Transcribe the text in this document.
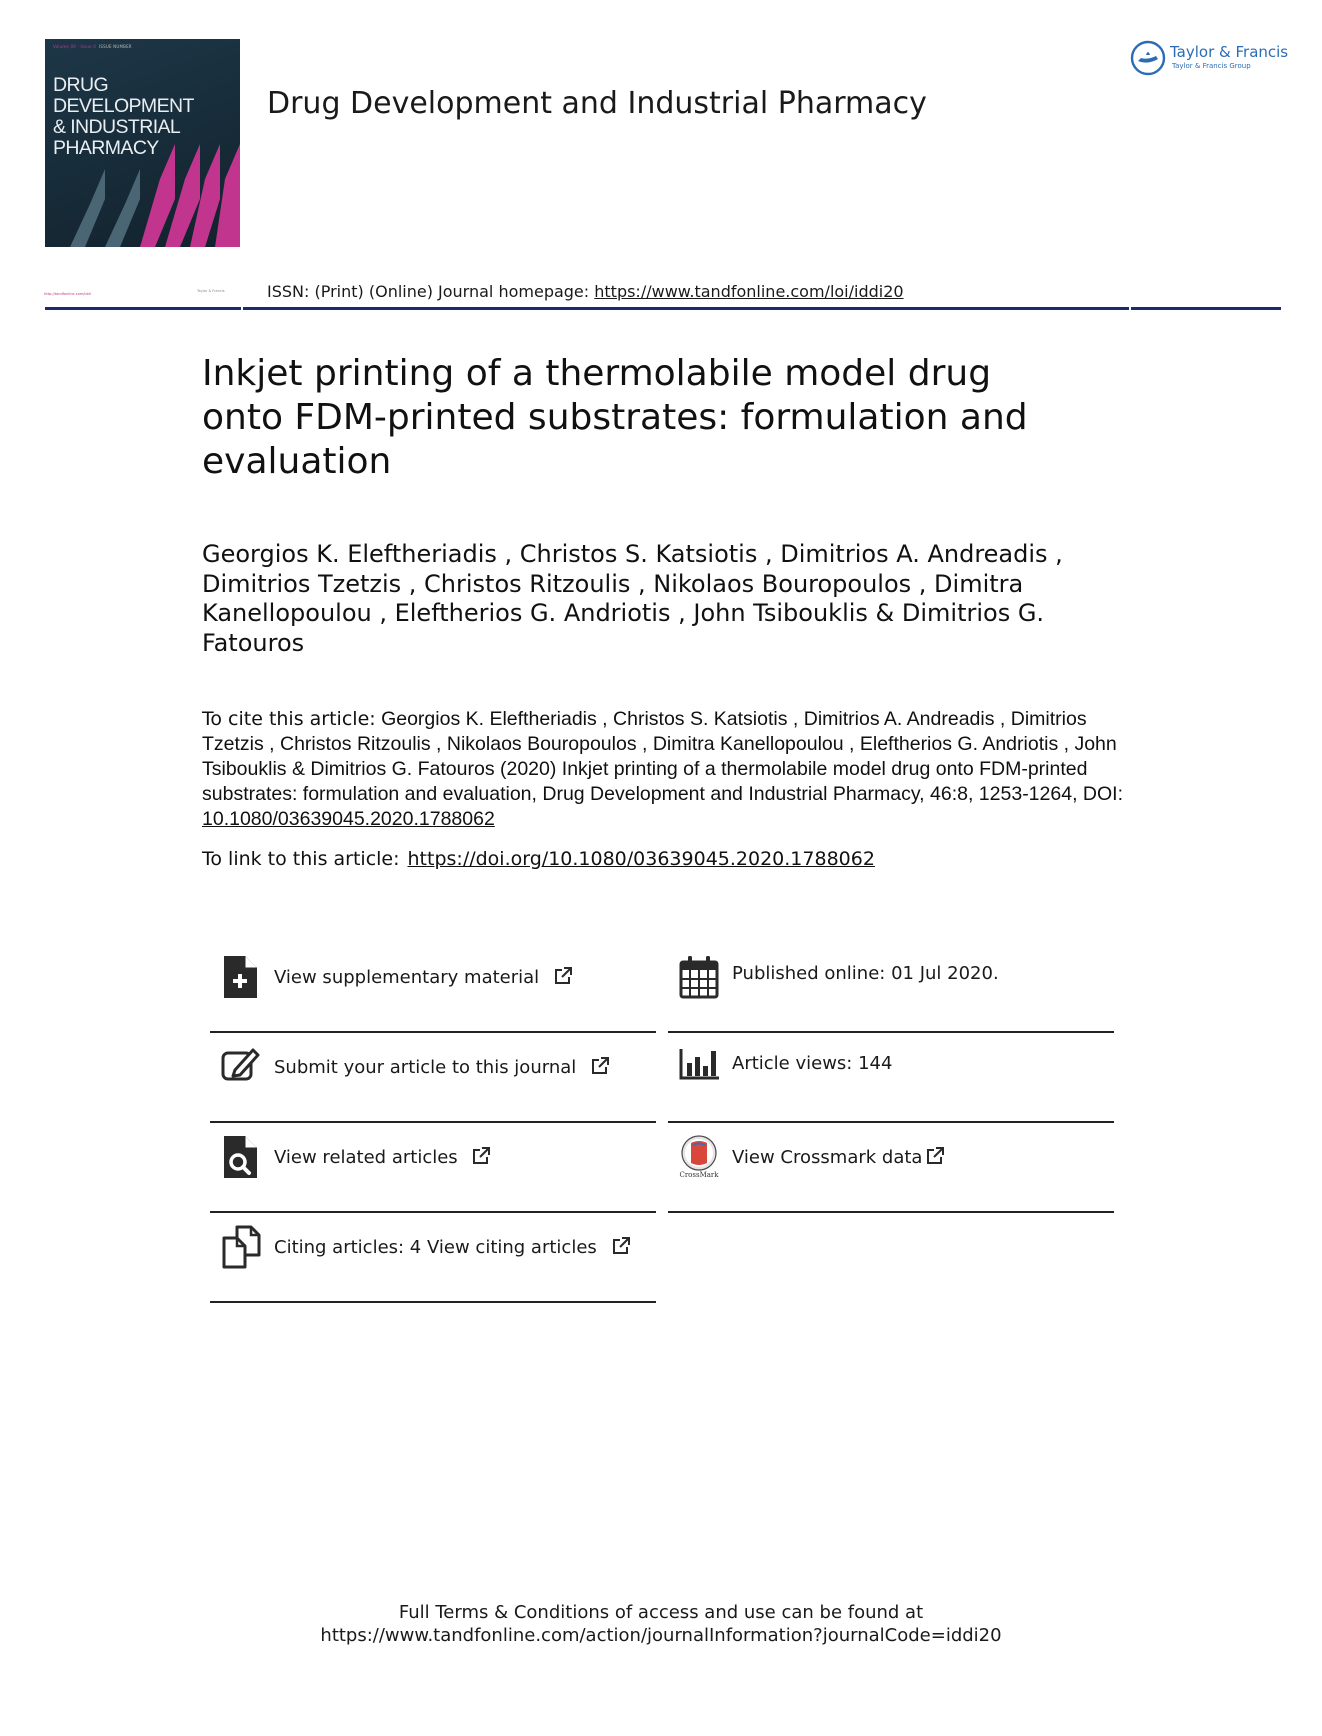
Volume 00 · Issue 0 ISSUE NUMBER
DRUG DEVELOPMENT
& INDUSTRIAL
PHARMACY
Drug Development and Industrial Pharmacy
Taylor & Francis
Taylor & Francis Group
http://tandfonline.com/iddi
Taylor & Francis	ISSN: (Print) (Online) Journal homepage: https://www.tandfonline.com/loi/iddi20
Inkjet printing of a thermolabile model drug onto FDM-printed substrates: formulation and evaluation
Georgios K. Eleftheriadis , Christos S. Katsiotis , Dimitrios A. Andreadis , Dimitrios Tzetzis , Christos Ritzoulis , Nikolaos Bouropoulos , Dimitra Kanellopoulou , Eleftherios G. Andriotis , John Tsibouklis & Dimitrios G. Fatouros
To cite this article: Georgios K. Eleftheriadis , Christos S. Katsiotis , Dimitrios A. Andreadis , Dimitrios Tzetzis , Christos Ritzoulis , Nikolaos Bouropoulos , Dimitra Kanellopoulou , Eleftherios G. Andriotis , John Tsibouklis & Dimitrios G. Fatouros (2020) Inkjet printing of a thermolabile model drug onto FDM-printed substrates: formulation and evaluation, Drug Development and Industrial Pharmacy, 46:8, 1253-1264, DOI: 10.1080/03639045.2020.1788062
To link to this article: https://doi.org/10.1080/03639045.2020.1788062
View supplementary material
Submit your article to this journal
View related articles
Citing articles: 4 View citing articles
Published online: 01 Jul 2020.
Article views: 144
CrossMark
View Crossmark data
Full Terms & Conditions of access and use can be found at
https://www.tandfonline.com/action/journalInformation?journalCode=iddi20
